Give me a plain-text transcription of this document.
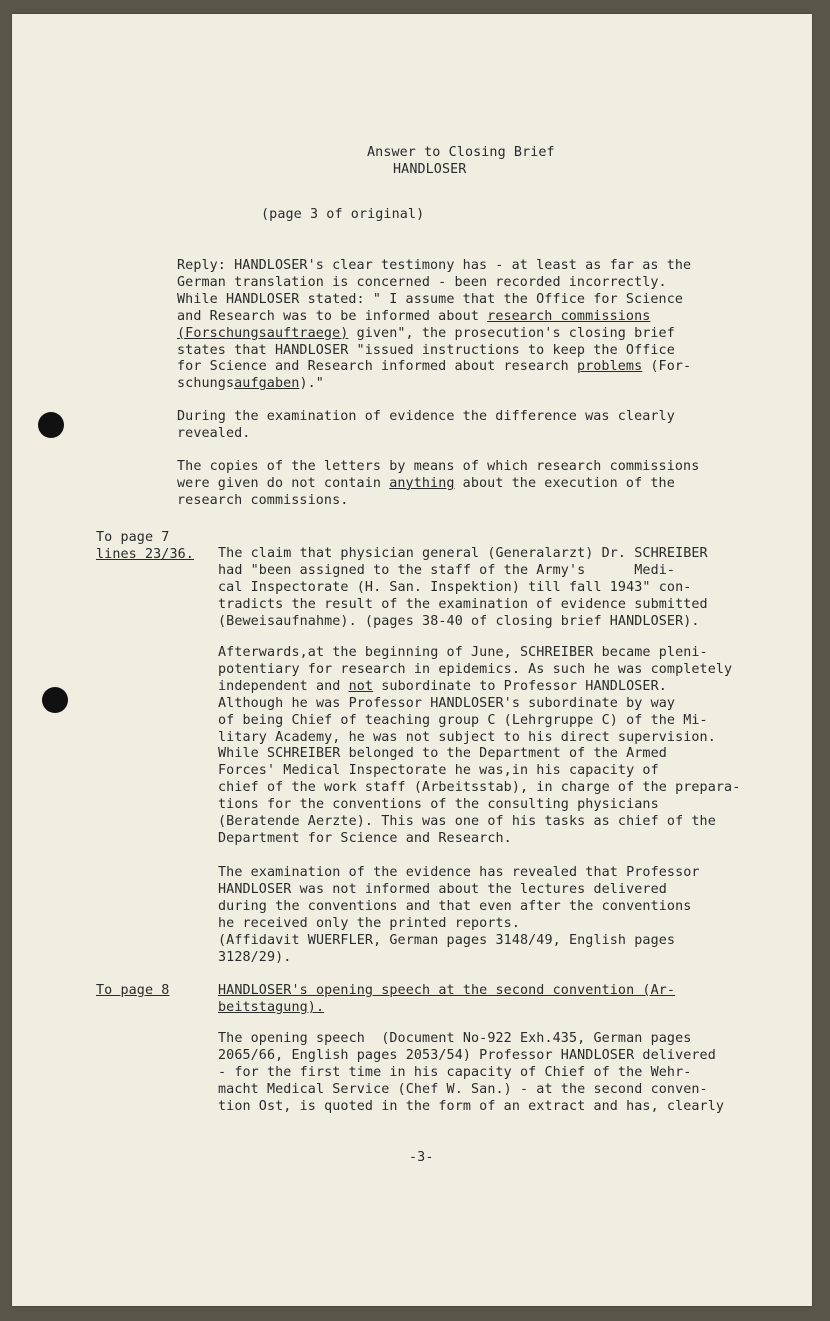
Answer to Closing Brief
HANDLOSER
(page 3 of original)
Reply: HANDLOSER's clear testimony has - at least as far as the
German translation is concerned - been recorded incorrectly.
While HANDLOSER stated: " I assume that the Office for Science
and Research was to be informed about research commissions
(Forschungsauftraege) given", the prosecution's closing brief
states that HANDLOSER "issued instructions to keep the Office
for Science and Research informed about research problems (For-
schungsaufgaben)."
During the examination of evidence the difference was clearly
revealed.
The copies of the letters by means of which research commissions
were given do not contain anything about the execution of the
research commissions.
To page 7
lines 23/36. The claim that physician general (Generalarzt) Dr. SCHREIBER
had "been assigned to the staff of the Army's      Medi-
cal Inspectorate (H. San. Inspektion) till fall 1943" con-
tradicts the result of the examination of evidence submitted
(Beweisaufnahme). (pages 38-40 of closing brief HANDLOSER).
Afterwards,at the beginning of June, SCHREIBER became pleni-
potentiary for research in epidemics. As such he was completely
independent and not subordinate to Professor HANDLOSER.
Although he was Professor HANDLOSER's subordinate by way
of being Chief of teaching group C (Lehrgruppe C) of the Mi-
litary Academy, he was not subject to his direct supervision.
While SCHREIBER belonged to the Department of the Armed
Forces' Medical Inspectorate he was,in his capacity of
chief of the work staff (Arbeitsstab), in charge of the prepara-
tions for the conventions of the consulting physicians
(Beratende Aerzte). This was one of his tasks as chief of the
Department for Science and Research.
The examination of the evidence has revealed that Professor
HANDLOSER was not informed about the lectures delivered
during the conventions and that even after the conventions
he received only the printed reports.
(Affidavit WUERFLER, German pages 3148/49, English pages
3128/29).
To page 8	HANDLOSER's opening speech at the second convention (Ar-
beitstagung).
The opening speech  (Document No-922 Exh.435, German pages
2065/66, English pages 2053/54) Professor HANDLOSER delivered
- for the first time in his capacity of Chief of the Wehr-
macht Medical Service (Chef W. San.) - at the second conven-
tion Ost, is quoted in the form of an extract and has, clearly
-3-
